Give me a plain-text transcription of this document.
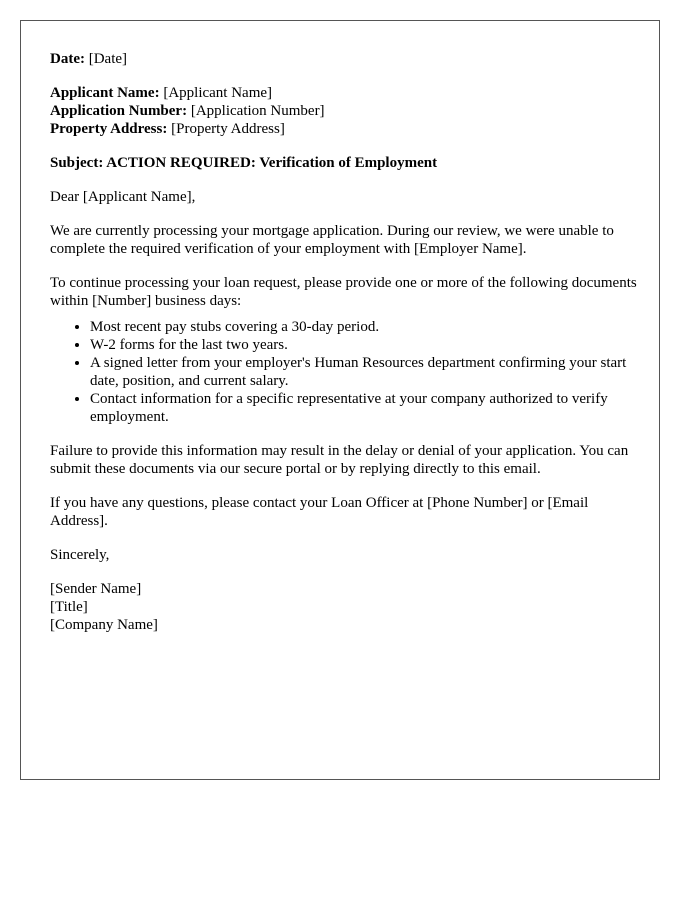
Date: [Date]
Applicant Name: [Applicant Name]
Application Number: [Application Number]
Property Address: [Property Address]
Subject: ACTION REQUIRED: Verification of Employment
Dear [Applicant Name],
We are currently processing your mortgage application. During our review, we were unable to complete the required verification of your employment with [Employer Name].
To continue processing your loan request, please provide one or more of the following documents within [Number] business days:
• Most recent pay stubs covering a 30-day period.
• W-2 forms for the last two years.
• A signed letter from your employer's Human Resources department confirming your start date, position, and current salary.
• Contact information for a specific representative at your company authorized to verify employment.
Failure to provide this information may result in the delay or denial of your application. You can submit these documents via our secure portal or by replying directly to this email.
If you have any questions, please contact your Loan Officer at [Phone Number] or [Email Address].
Sincerely,
[Sender Name]
[Title]
[Company Name]
